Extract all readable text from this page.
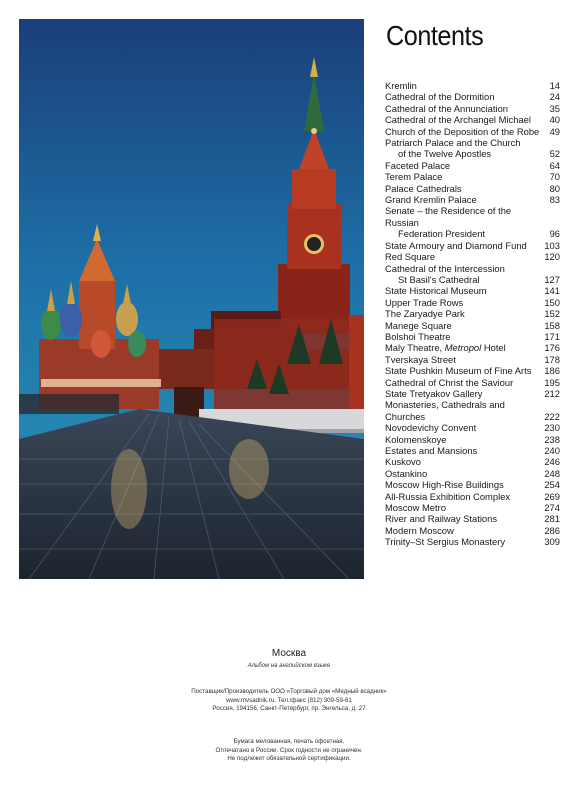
Contents
Kremlin	14
Cathedral of the Dormition	24
Cathedral of the Annunciation	35
Cathedral of the Archangel Michael	40
Church of the Deposition of the Robe	49
Patriarch Palace and the Church
of the Twelve Apostles	52
Faceted Palace	64
Terem Palace	70
Palace Cathedrals	80
Grand Kremlin Palace	83
Senate – the Residence of the Russian
Federation President	96
State Armoury and Diamond Fund	103
Red Square	120
Cathedral of the Intercession
St Basil's Cathedral	127
State Historical Museum	141
Upper Trade Rows	150
The Zaryadye Park	152
Manege Square	158
Bolshoi Theatre	171
Maly Theatre, Metropol Hotel	176
Tverskaya Street	178
State Pushkin Museum of Fine Arts	186
Cathedral of Christ the Saviour	195
State Tretyakov Gallery	212
Monasteries, Cathedrals and Churches	222
Novodevichy Convent	230
Kolomenskoye	238
Estates and Mansions	240
Kuskovo	246
Ostankino	248
Moscow High-Rise Buildings	254
All-Russia Exhibition Complex	269
Moscow Metro	274
River and Railway Stations	281
Modern Moscow	286
Trinity–St Sergius Monastery	309
Москва
Альбом на английском языке
Поставщик/Производитель ООО «Торговый дом «Медный всадник»
www.mvsadnik.ru. Тел./факс (812) 309-59-61
Россия, 194156, Санкт-Петербург, пр. Энгельса, д. 27
Бумага мелованная, печать офсетная.
Отпечатано в России. Срок годности не ограничен.
Не подлежит обязательной сертификации.
